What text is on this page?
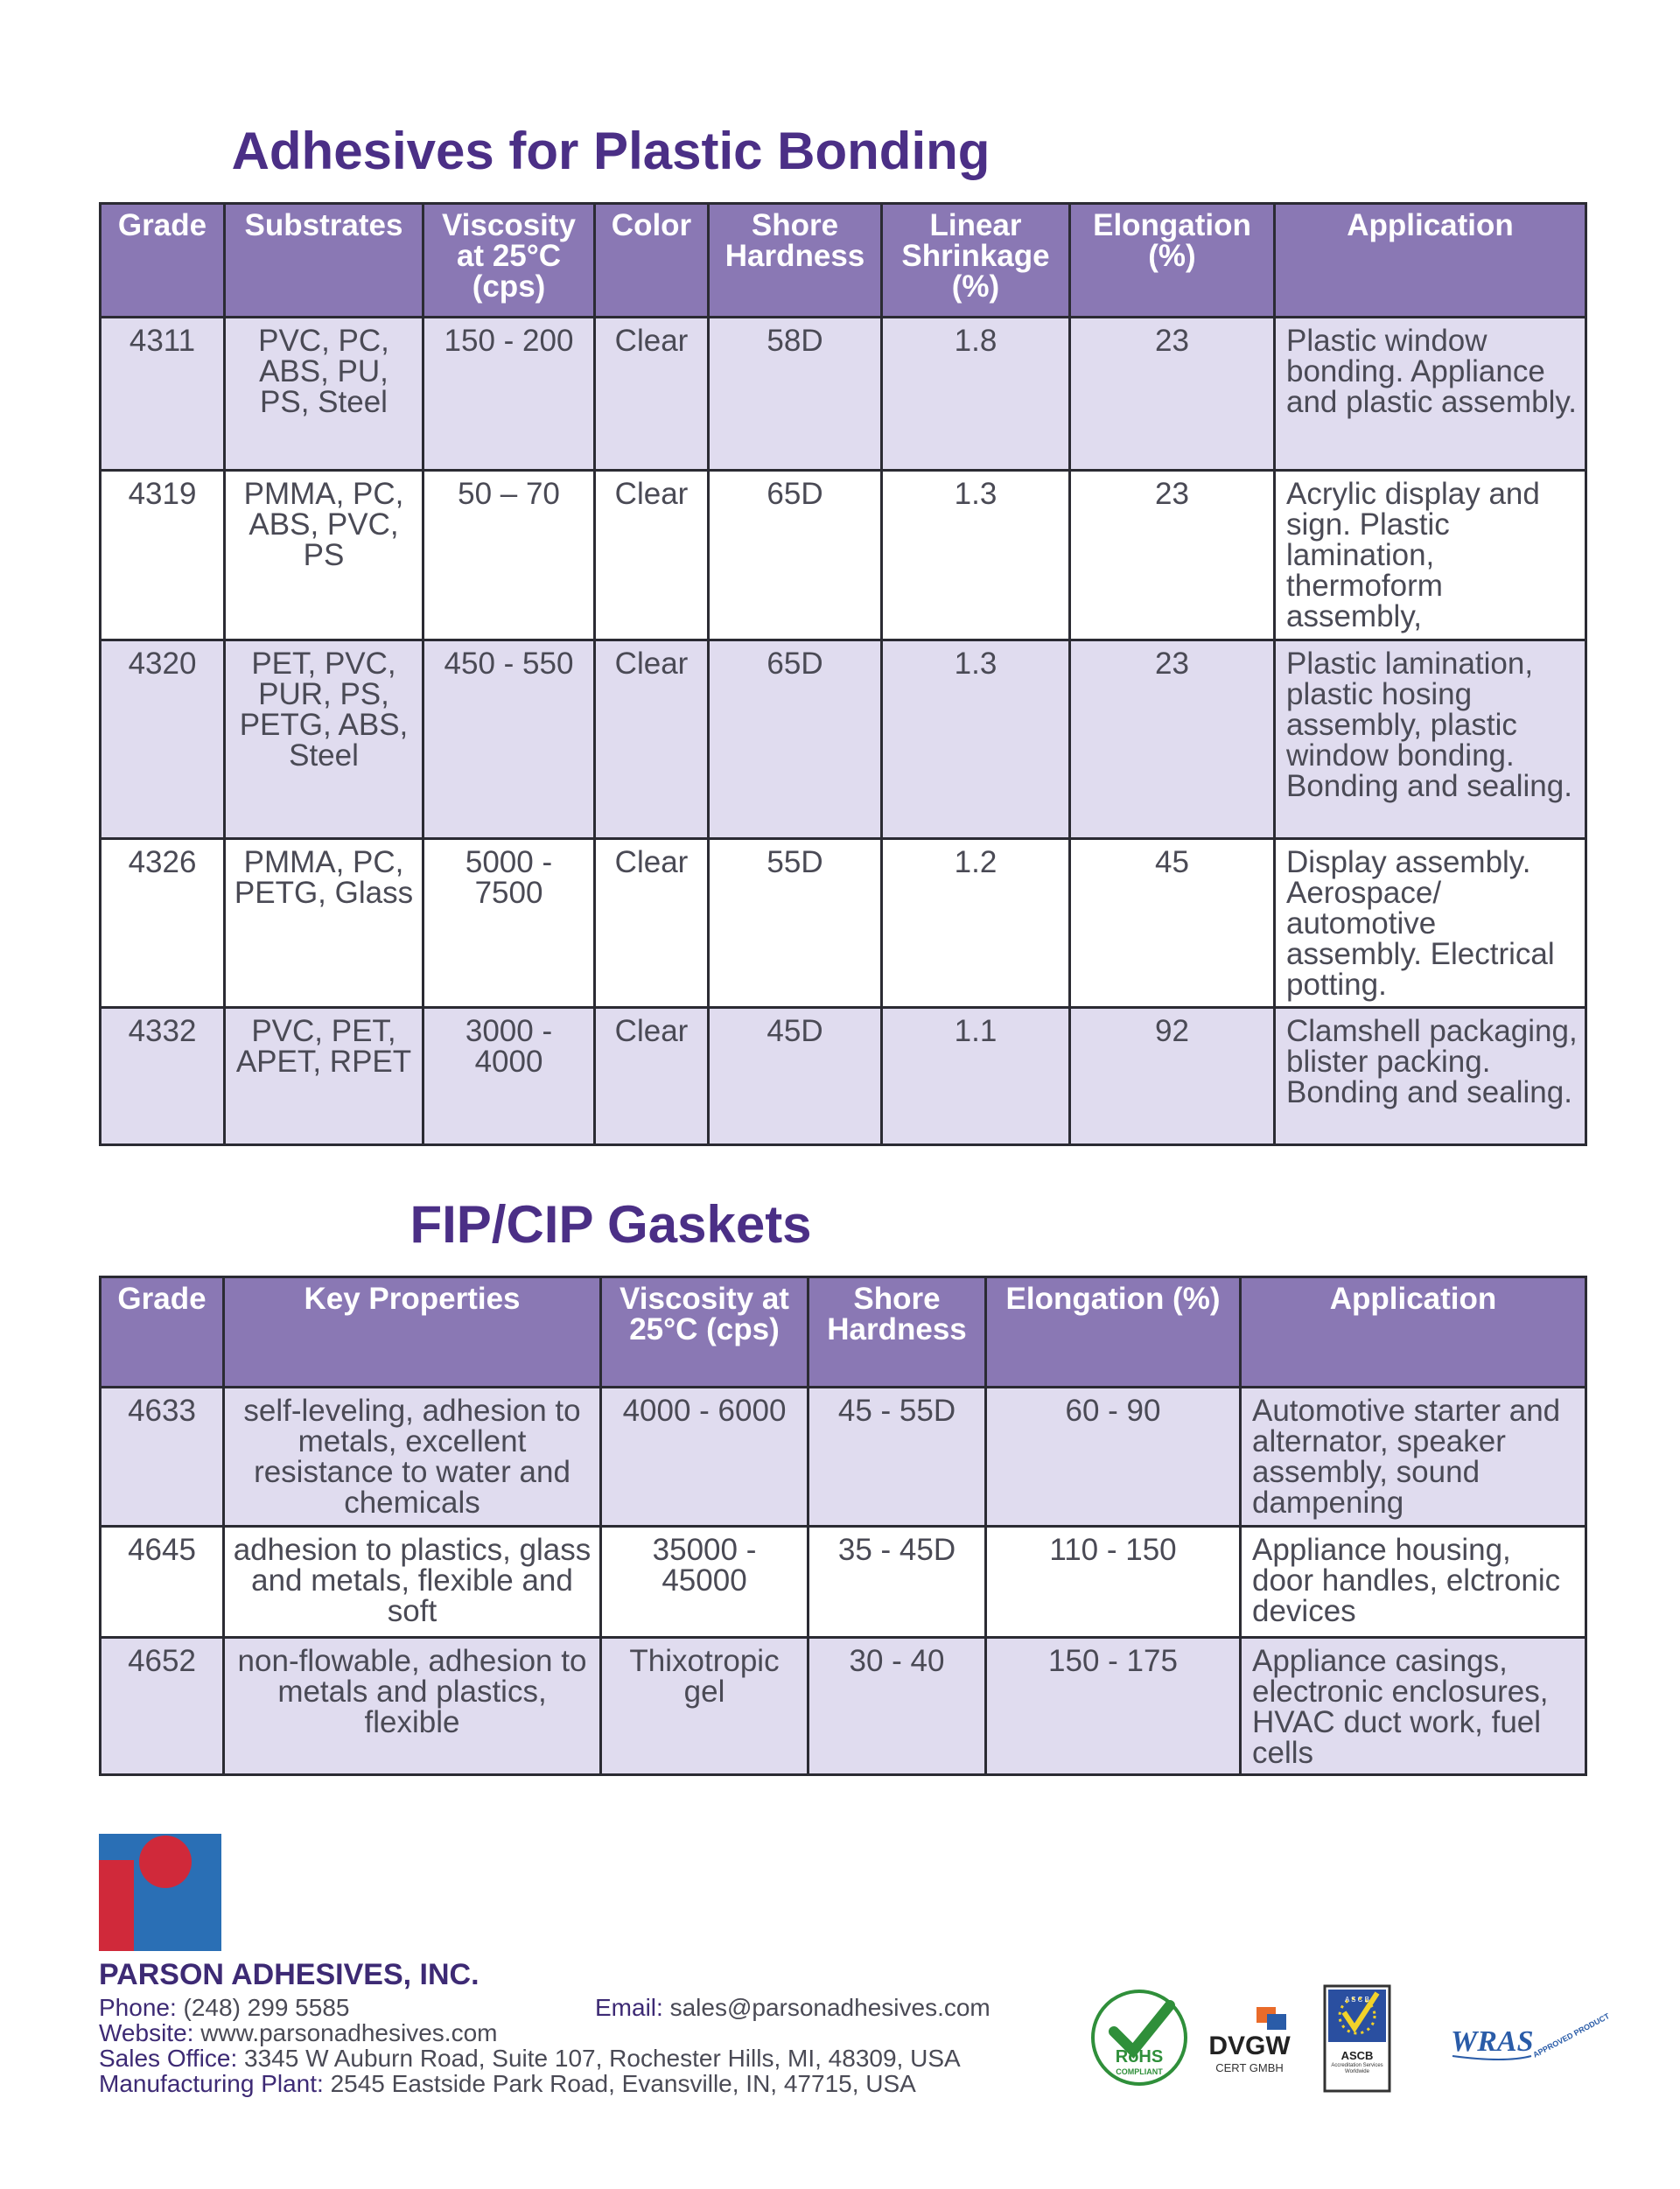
Adhesives for Plastic Bonding
Grade	Substrates	Viscosity at 25°C (cps)	Color	Shore Hardness	Linear Shrinkage (%)	Elongation (%)	Application
4311	PVC, PC, ABS, PU, PS, Steel	150 - 200	Clear	58D	1.8	23	Plastic window bonding. Appliance and plastic assembly.
4319	PMMA, PC, ABS, PVC, PS	50 – 70	Clear	65D	1.3	23	Acrylic display and sign. Plastic lamination, thermoform assembly,
4320	PET, PVC, PUR, PS, PETG, ABS, Steel	450 - 550	Clear	65D	1.3	23	Plastic lamination, plastic hosing assembly, plastic window bonding. Bonding and sealing.
4326	PMMA, PC, PETG, Glass	5000 - 7500	Clear	55D	1.2	45	Display assembly. Aerospace/ automotive assembly. Electrical potting.
4332	PVC, PET, APET, RPET	3000 - 4000	Clear	45D	1.1	92	Clamshell packaging, blister packing. Bonding and sealing.
FIP/CIP Gaskets
Grade	Key Properties	Viscosity at 25°C (cps)	Shore Hardness	Elongation (%)	Application
4633	self-leveling, adhesion to metals, excellent resistance to water and chemicals	4000 - 6000	45 - 55D	60 - 90	Automotive starter and alternator, speaker assembly, sound dampening
4645	adhesion to plastics, glass and metals, flexible and soft	35000 - 45000	35 - 45D	110 - 150	Appliance housing, door handles, elctronic devices
4652	non-flowable, adhesion to metals and plastics, flexible	Thixotropic gel	30 - 40	150 - 175	Appliance casings, electronic enclosures, HVAC duct work, fuel cells
PARSON ADHESIVES, INC.
Phone: (248) 299 5585	Email: sales@parsonadhesives.com
Website: www.parsonadhesives.com
Sales Office: 3345 W Auburn Road, Suite 107, Rochester Hills, MI, 48309, USA
Manufacturing Plant: 2545 Eastside Park Road, Evansville, IN, 47715, USA
RoHS
COMPLIANT
DVGW
CERT GMBH
A S C B
ASCB
Accreditation Services Worldwide
WRAS
APPROVED PRODUCT
